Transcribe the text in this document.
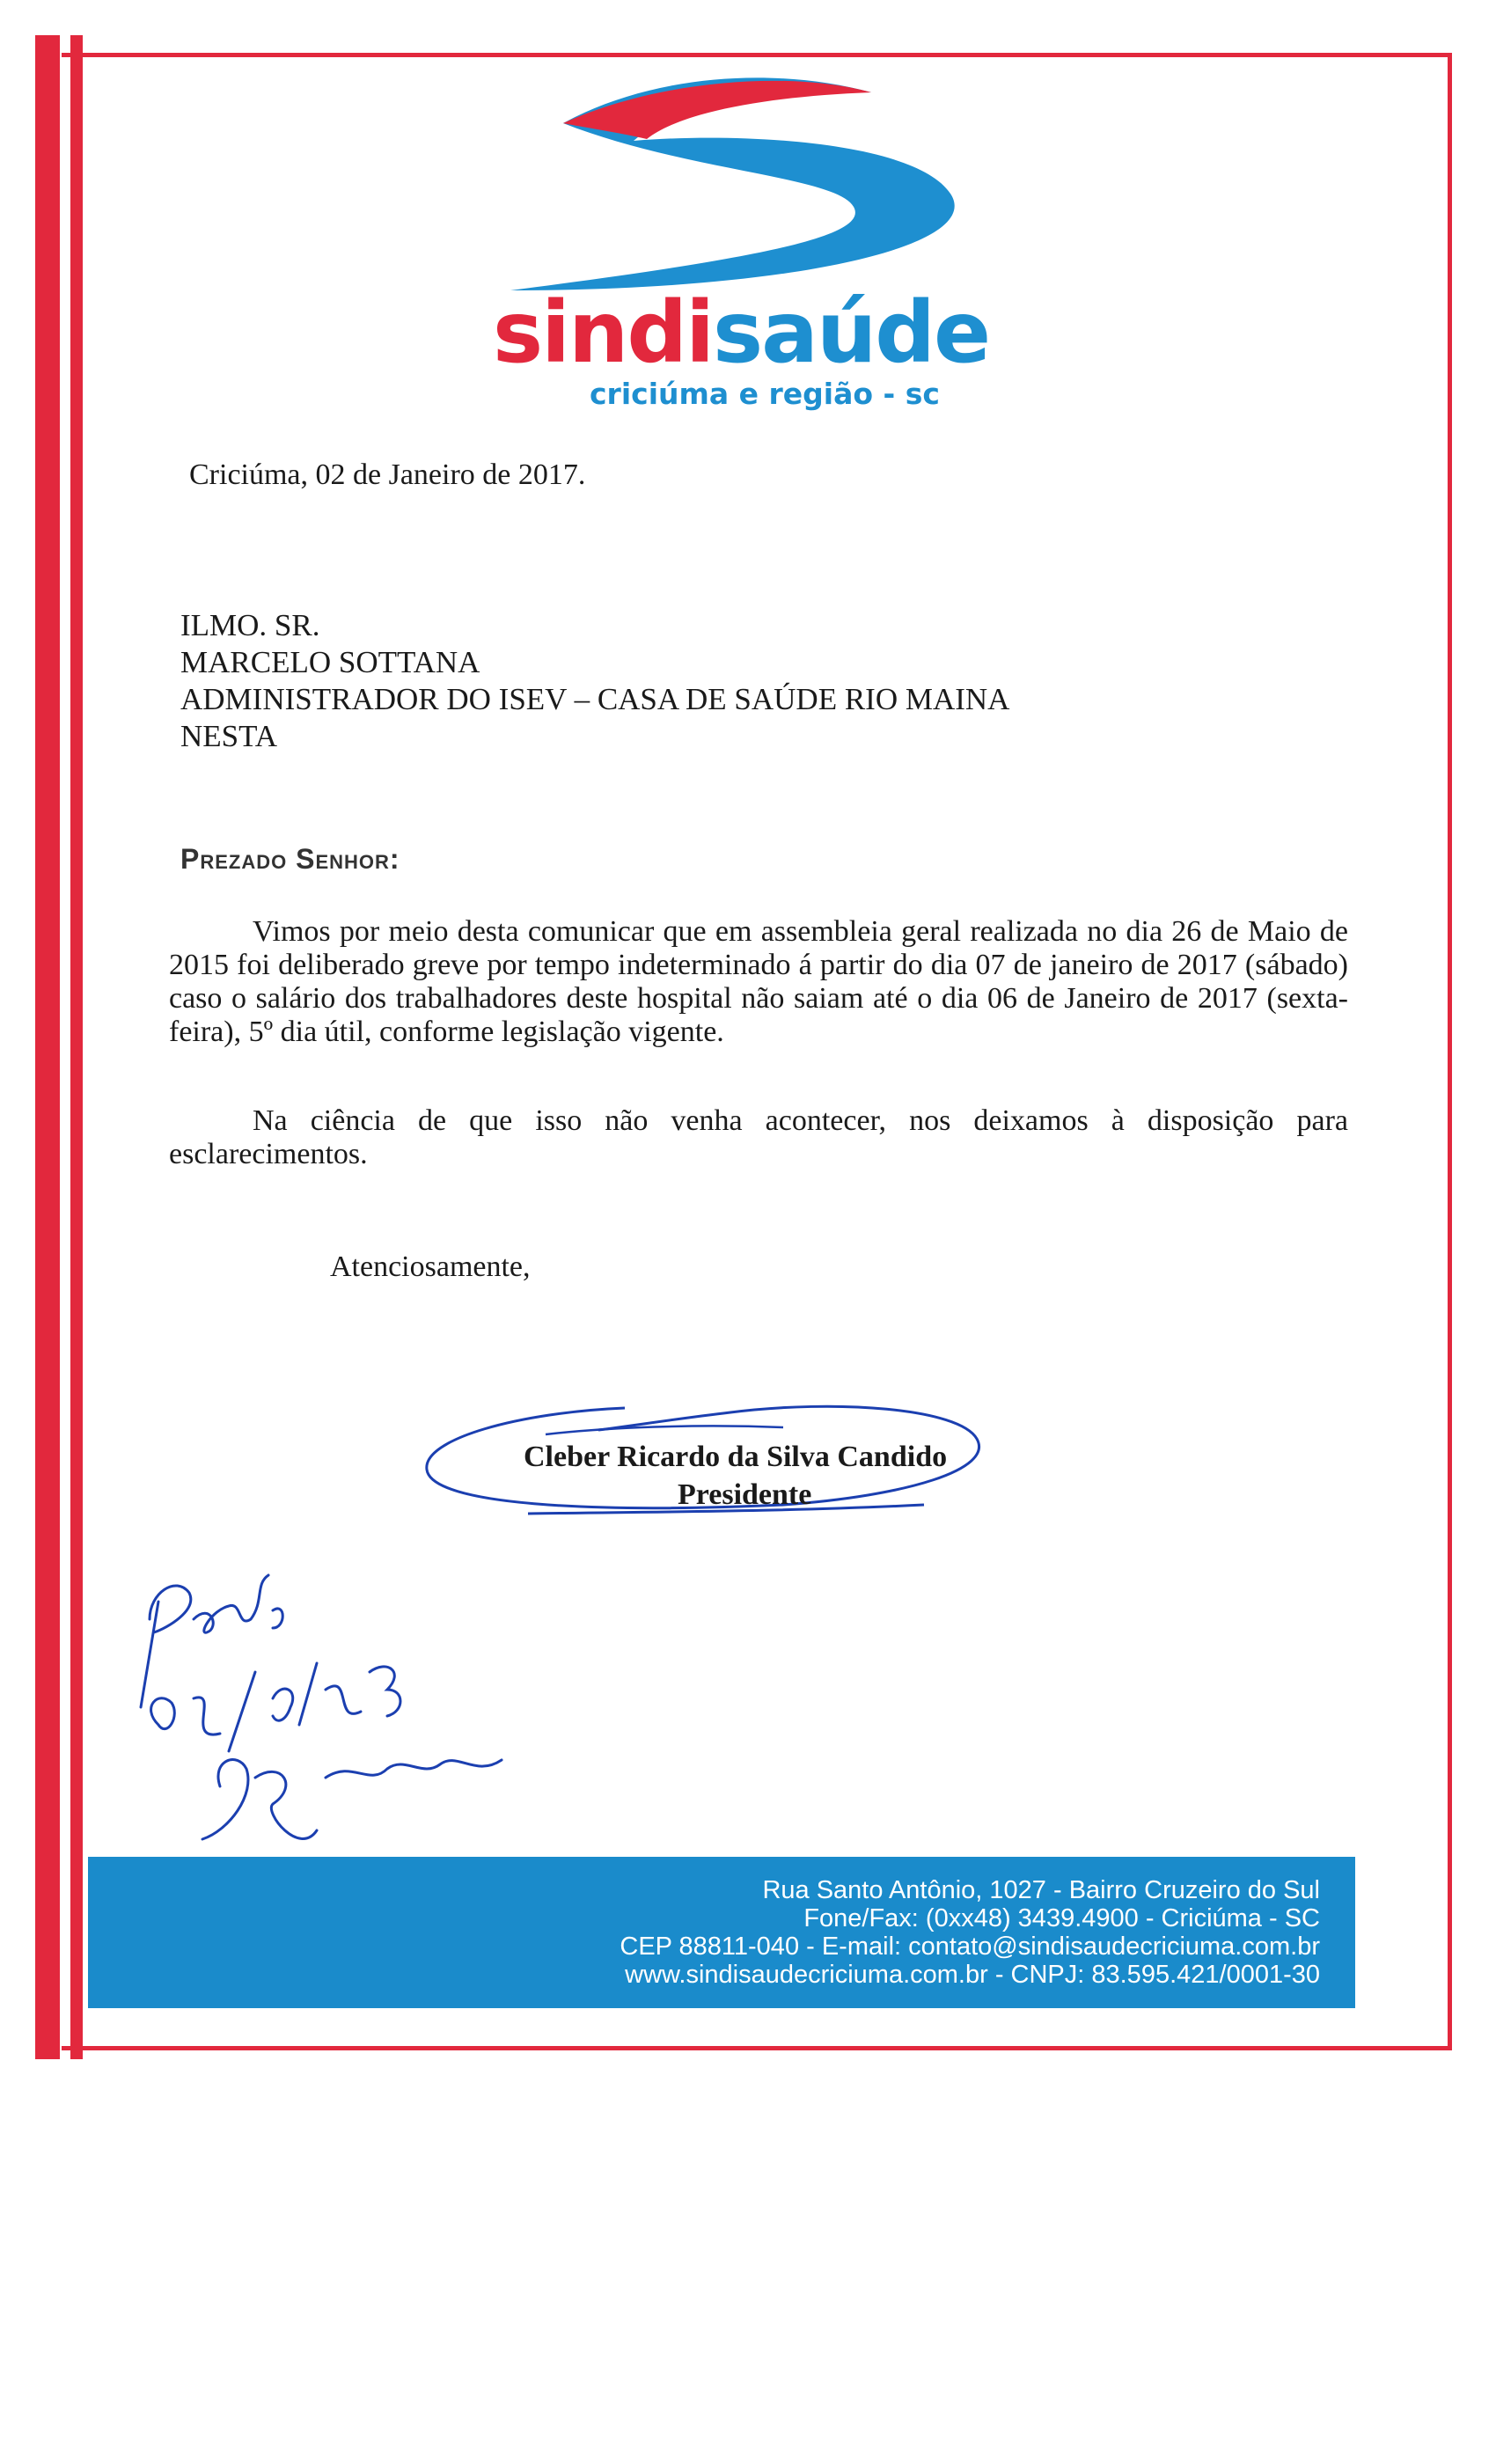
sindisaúde
criciúma e região - sc
Criciúma, 02 de Janeiro de 2017.
ILMO. SR.
MARCELO SOTTANA
ADMINISTRADOR DO ISEV – CASA DE SAÚDE RIO MAINA
NESTA
Prezado Senhor:
Vimos por meio desta comunicar que em assembleia geral realizada no dia 26 de Maio de 2015 foi deliberado greve por tempo indeterminado á partir do dia 07 de janeiro de 2017 (sábado) caso o salário dos trabalhadores deste hospital não saiam até o dia 06 de Janeiro de 2017 (sexta-feira), 5º dia útil, conforme legislação vigente.
Na ciência de que isso não venha acontecer, nos deixamos à disposição para esclarecimentos.
Atenciosamente,
Cleber Ricardo da Silva Candido
Presidente
Rua Santo Antônio, 1027 - Bairro Cruzeiro do Sul
Fone/Fax: (0xx48) 3439.4900 - Criciúma - SC
CEP 88811-040 - E-mail: contato@sindisaudecriciuma.com.br
www.sindisaudecriciuma.com.br - CNPJ: 83.595.421/0001-30
